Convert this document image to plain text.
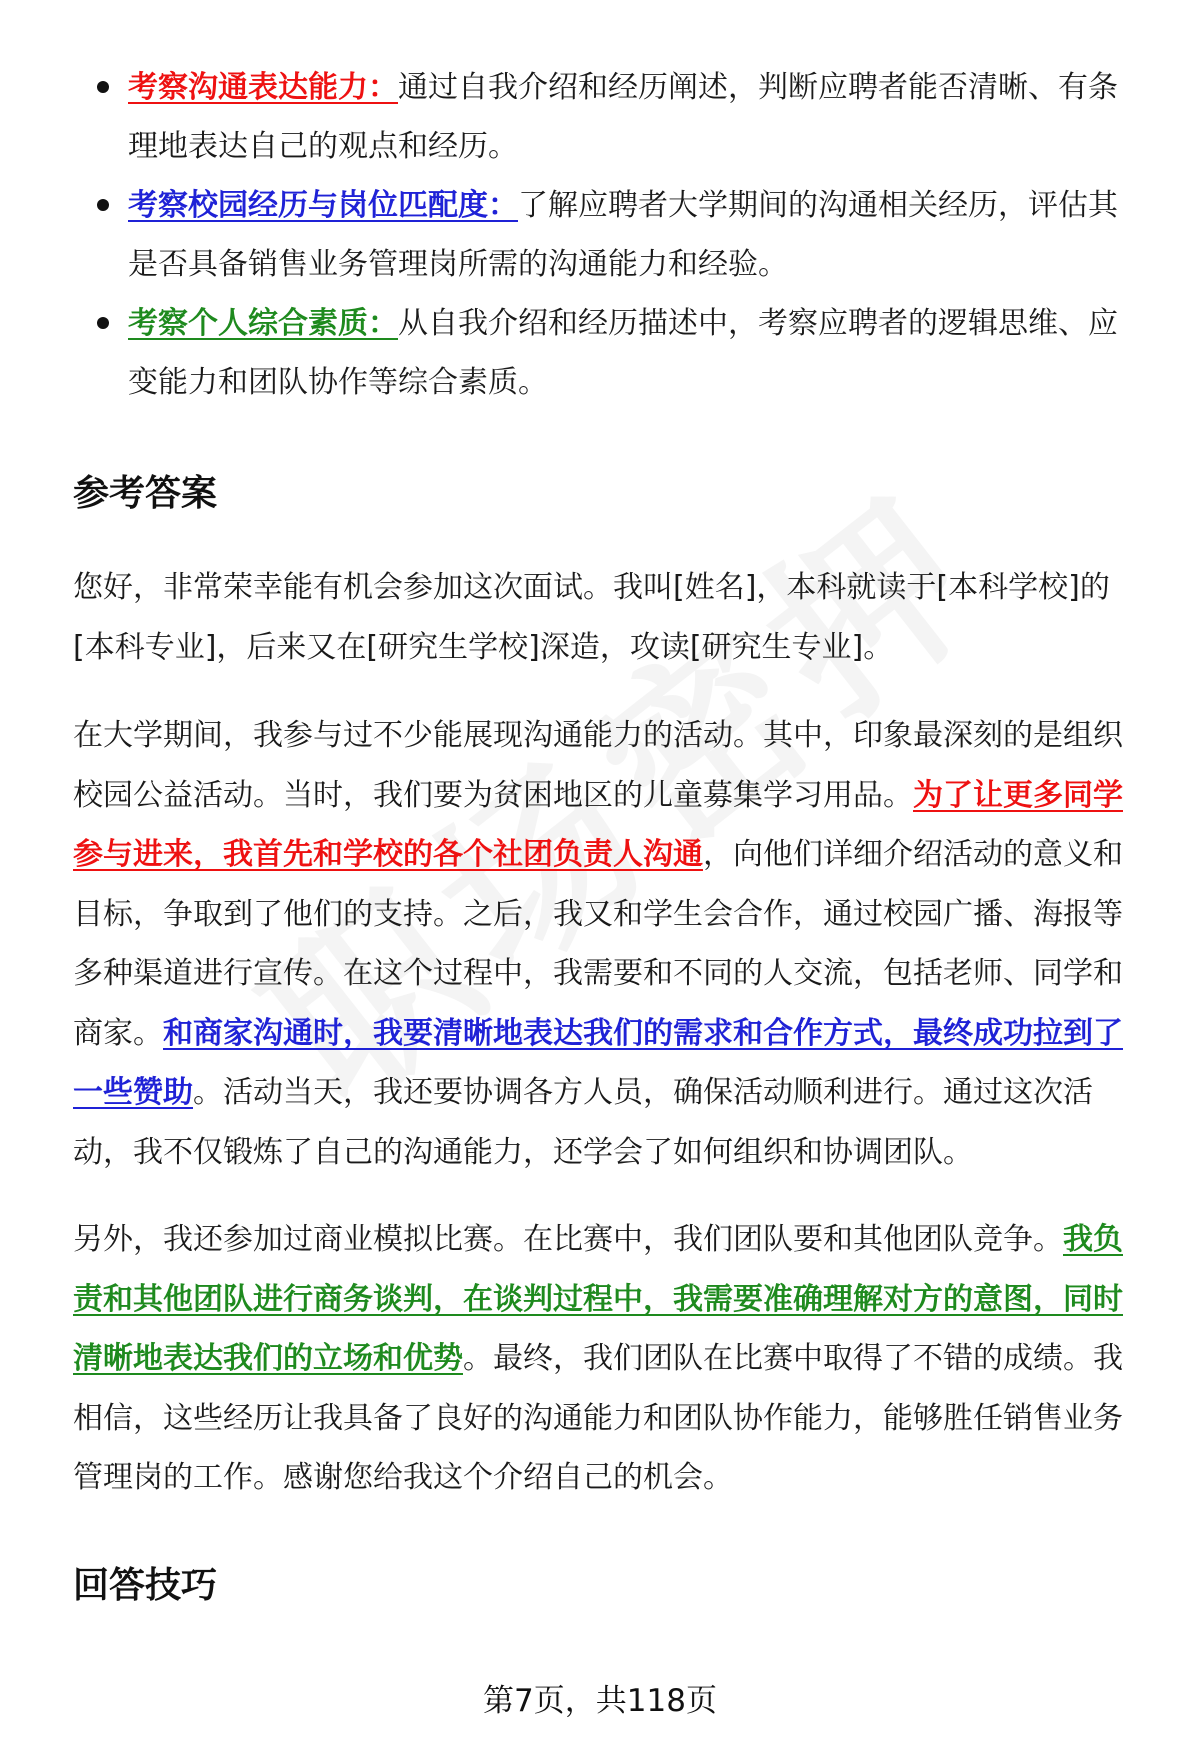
考察沟通表达能力：通过自我介绍和经历阐述，判断应聘者能否清晰、有条理地表达自己的观点和经历。
考察校园经历与岗位匹配度：了解应聘者大学期间的沟通相关经历，评估其是否具备销售业务管理岗所需的沟通能力和经验。
考察个人综合素质：从自我介绍和经历描述中，考察应聘者的逻辑思维、应变能力和团队协作等综合素质。
参考答案

您好，非常荣幸能有机会参加这次面试。我叫[姓名]，本科就读于[本科学校]的[本科专业]，后来又在[研究生学校]深造，攻读[研究生专业]。

在大学期间，我参与过不少能展现沟通能力的活动。其中，印象最深刻的是组织校园公益活动。当时，我们要为贫困地区的儿童募集学习用品。为了让更多同学参与进来，我首先和学校的各个社团负责人沟通，向他们详细介绍活动的意义和目标，争取到了他们的支持。之后，我又和学生会合作，通过校园广播、海报等多种渠道进行宣传。在这个过程中，我需要和不同的人交流，包括老师、同学和商家。和商家沟通时，我要清晰地表达我们的需求和合作方式，最终成功拉到了一些赞助。活动当天，我还要协调各方人员，确保活动顺利进行。通过这次活动，我不仅锻炼了自己的沟通能力，还学会了如何组织和协调团队。

另外，我还参加过商业模拟比赛。在比赛中，我们团队要和其他团队竞争。我负责和其他团队进行商务谈判，在谈判过程中，我需要准确理解对方的意图，同时清晰地表达我们的立场和优势。最终，我们团队在比赛中取得了不错的成绩。我相信，这些经历让我具备了良好的沟通能力和团队协作能力，能够胜任销售业务管理岗的工作。感谢您给我这个介绍自己的机会。

回答技巧
第7页，共118页
